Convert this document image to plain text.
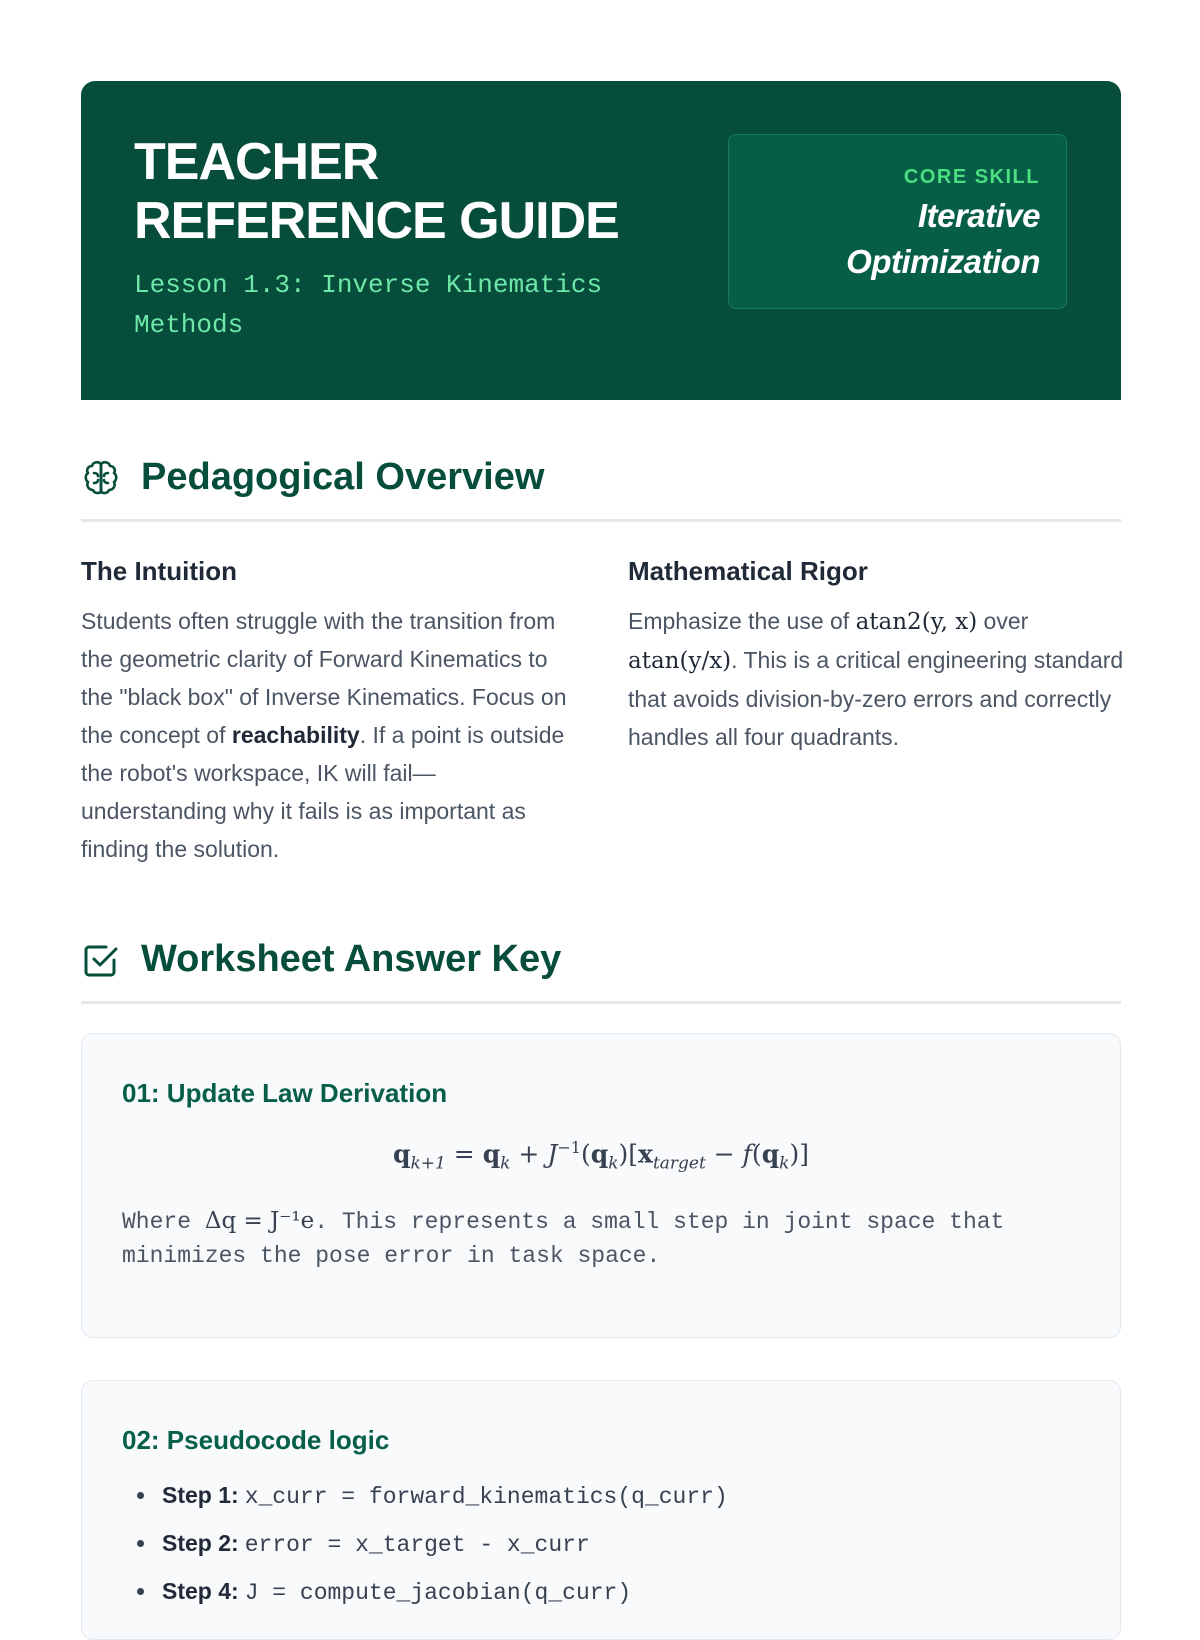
TEACHER REFERENCE GUIDE
Lesson 1.3: Inverse Kinematics Methods
CORE SKILL
Iterative Optimization
Pedagogical Overview
The Intuition

Students often struggle with the transition from the geometric clarity of Forward Kinematics to the "black box" of Inverse Kinematics. Focus on the concept of reachability. If a point is outside the robot's workspace, IK will fail—understanding why it fails is as important as finding the solution.

Mathematical Rigor

Emphasize the use of atan2(y, x) over atan(y/x). This is a critical engineering standard that avoids division-by-zero errors and correctly handles all four quadrants.

Worksheet Answer Key
01: Update Law Derivation
$q_{k+1} = q_k + J^{-1}(q_k)[x_{target} - f(q_k)]$

Where Δq = J⁻¹e. This represents a small step in joint space that minimizes the pose error in task space.

02: Pseudocode logic
Step 1: x_curr = forward_kinematics(q_curr)
Step 2: error = x_target - x_curr
Step 4: J = compute_jacobian(q_curr)
